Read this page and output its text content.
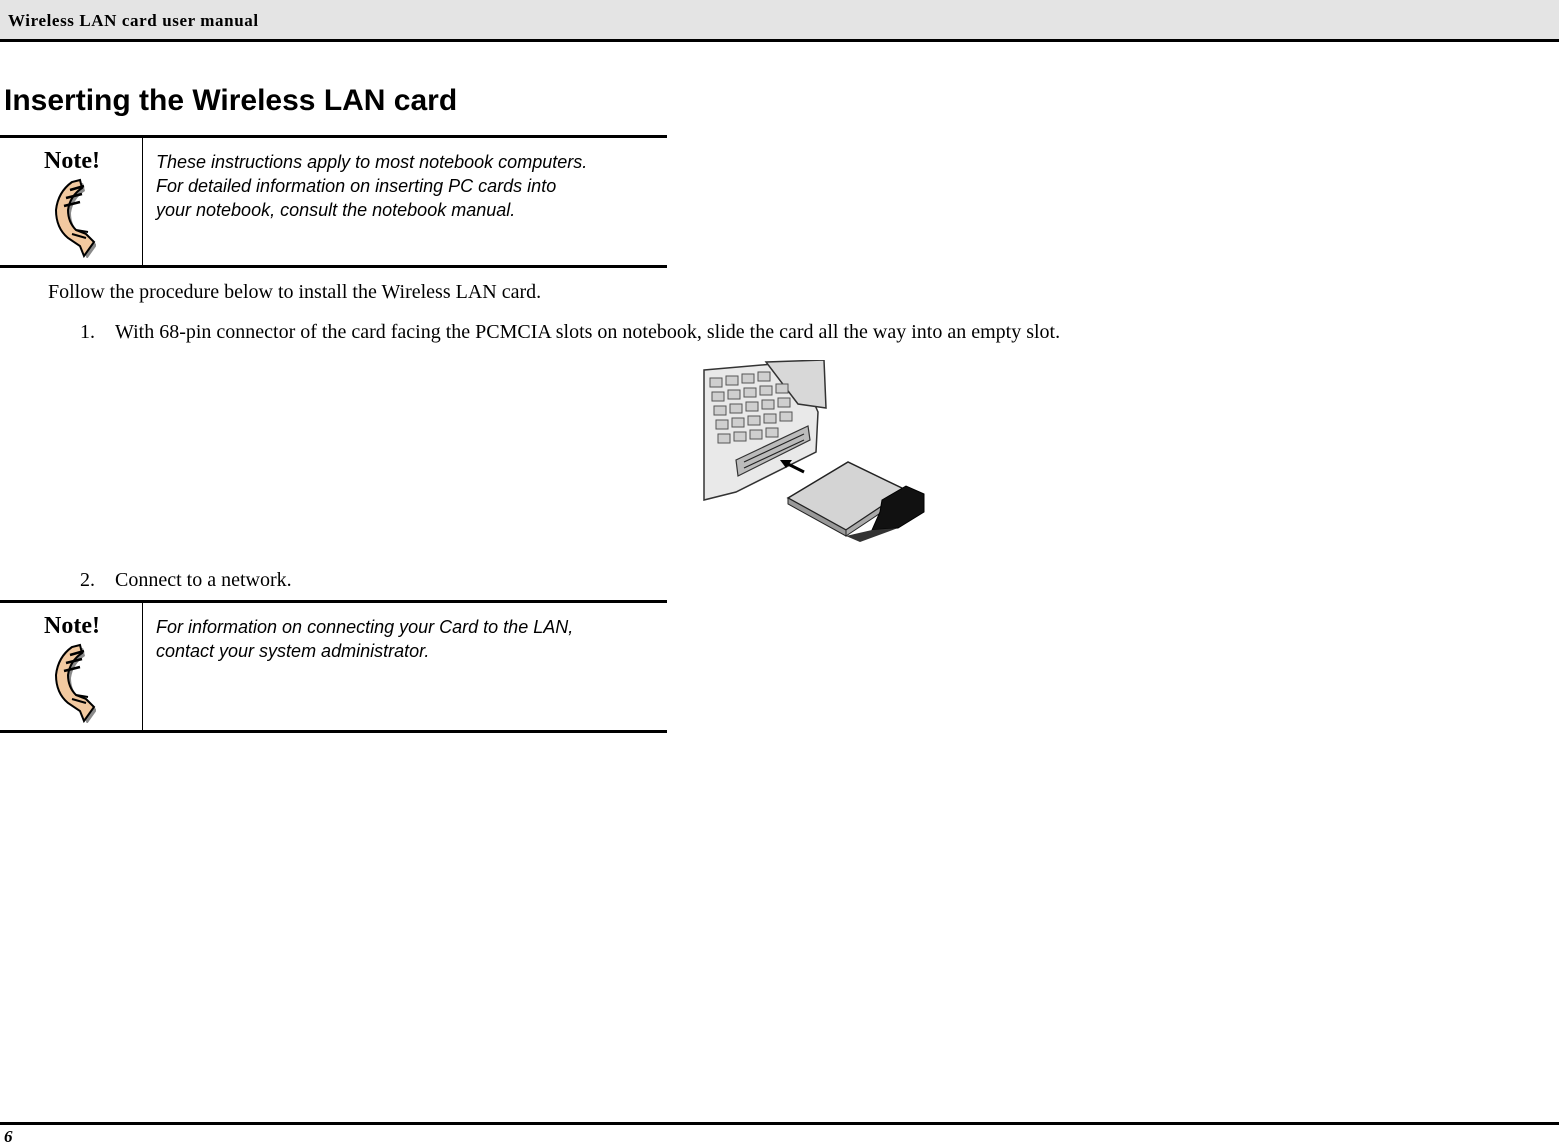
Wireless LAN card user manual
Inserting the Wireless LAN card
Note!	These instructions apply to most notebook computers.
For detailed information on inserting PC cards into
your notebook, consult the notebook manual.
Follow the procedure below to install the Wireless LAN card.
1. With 68-pin connector of the card facing the PCMCIA slots on notebook, slide the card all the way into an empty slot.
2. Connect to a network.
Note!	For information on connecting your Card to the LAN,
contact your system administrator.
6
